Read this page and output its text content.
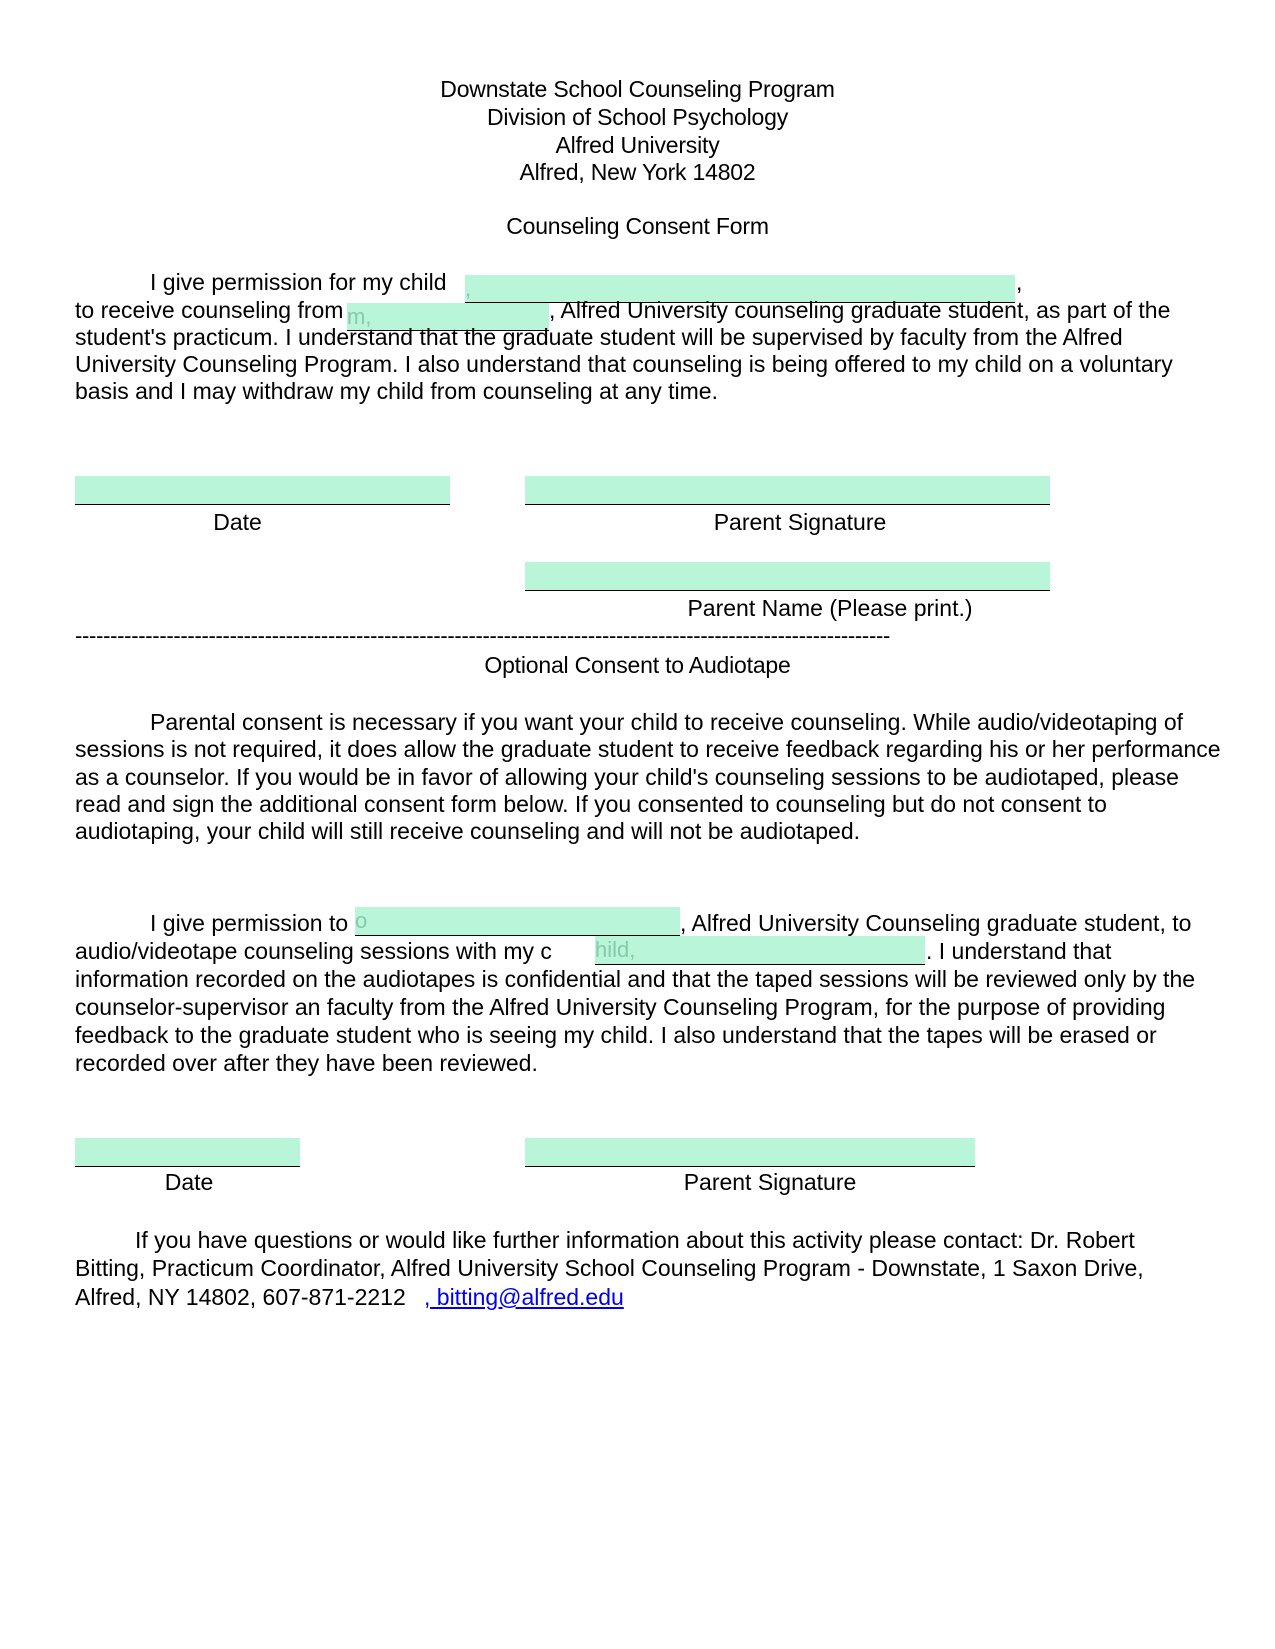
Downstate School Counseling Program
Division of School Psychology
Alfred University
Alfred, New York 14802
Counseling Consent Form
I give permission for my child
,	,
to receive counseling from
m,	, Alfred University counseling graduate student, as part of the
student's practicum. I understand that the graduate student will be supervised by faculty from the Alfred
University Counseling Program. I also understand that counseling is being offered to my child on a voluntary
basis and I may withdraw my child from counseling at any time.
Date	Parent Signature
Parent Name (Please print.)
--------------------------------------------------------------------------------------------------------------------
Optional Consent to Audiotape
Parental consent is necessary if you want your child to receive counseling. While audio/videotaping of
sessions is not required, it does allow the graduate student to receive feedback regarding his or her performance
as a counselor. If you would be in favor of allowing your child's counseling sessions to be audiotaped, please
read and sign the additional consent form below. If you consented to counseling but do not consent to
audiotaping, your child will still receive counseling and will not be audiotaped.
I give permission to
o	, Alfred University Counseling graduate student, to
audio/videotape counseling sessions with my c
hild,	. I understand that
information recorded on the audiotapes is confidential and that the taped sessions will be reviewed only by the
counselor-supervisor an faculty from the Alfred University Counseling Program, for the purpose of providing
feedback to the graduate student who is seeing my child. I also understand that the tapes will be erased or
recorded over after they have been reviewed.
Date	Parent Signature
If you have questions or would like further information about this activity please contact: Dr. Robert
Bitting, Practicum Coordinator, Alfred University School Counseling Program - Downstate, 1 Saxon Drive,
Alfred, NY 14802, 607-871-2212 , bitting@alfred.edu
